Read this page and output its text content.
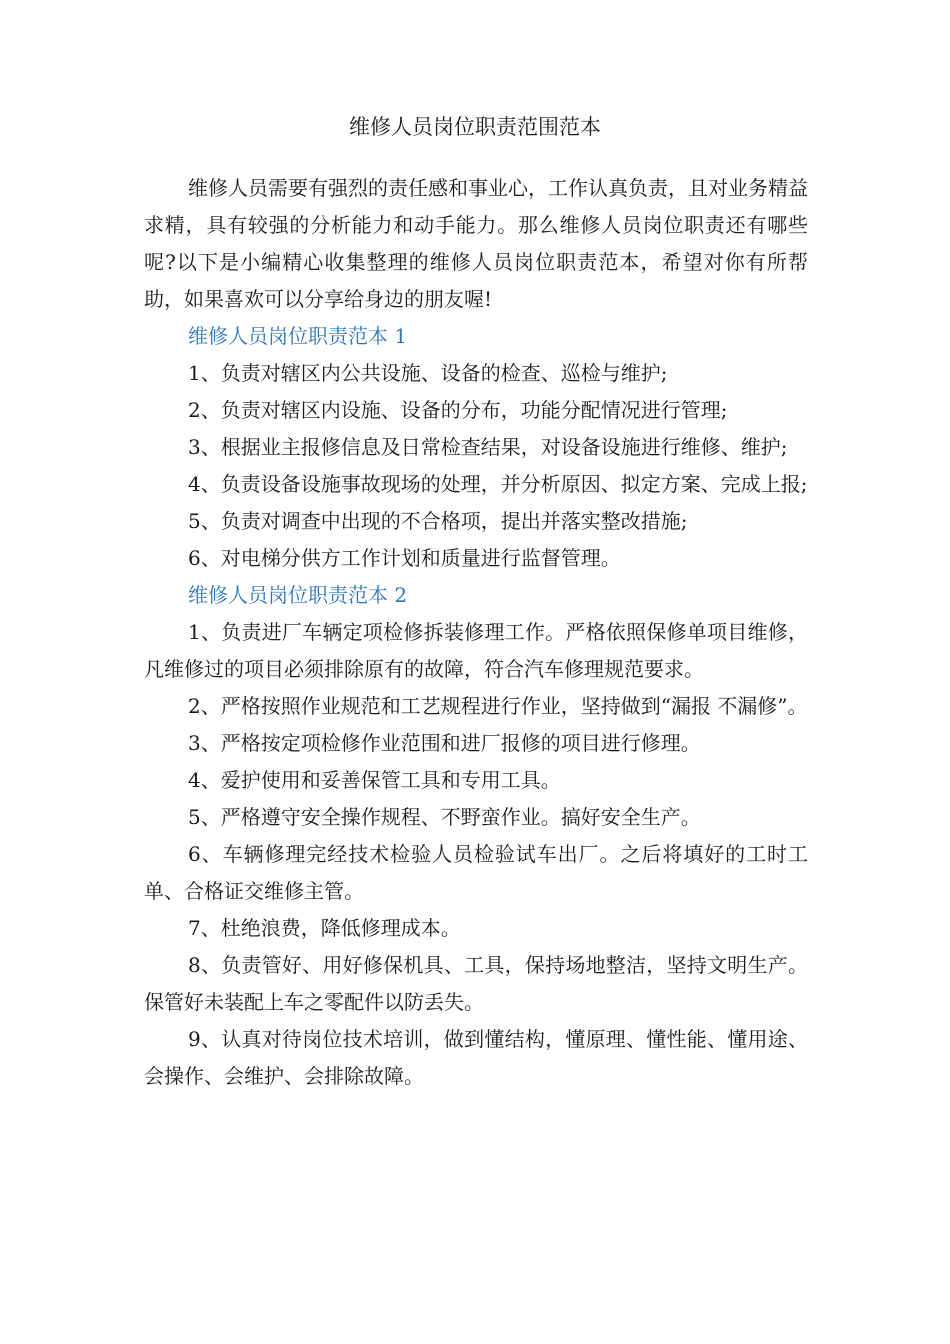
维修人员岗位职责范围范本

维修人员需要有强烈的责任感和事业心，工作认真负责，且对业务精益求精，具有较强的分析能力和动手能力。那么维修人员岗位职责还有哪些呢?以下是小编精心收集整理的维修人员岗位职责范本，希望对你有所帮助，如果喜欢可以分享给身边的朋友喔!

维修人员岗位职责范本 1

1、负责对辖区内公共设施、设备的检查、巡检与维护;

2、负责对辖区内设施、设备的分布，功能分配情况进行管理;

3、根据业主报修信息及日常检查结果，对设备设施进行维修、维护;

4、负责设备设施事故现场的处理，并分析原因、拟定方案、完成上报;

5、负责对调查中出现的不合格项，提出并落实整改措施;

6、对电梯分供方工作计划和质量进行监督管理。

维修人员岗位职责范本 2

1、负责进厂车辆定项检修拆装修理工作。严格依照保修单项目维修，凡维修过的项目必须排除原有的故障，符合汽车修理规范要求。

2、严格按照作业规范和工艺规程进行作业，坚持做到“漏报 不漏修”。

3、严格按定项检修作业范围和进厂报修的项目进行修理。

4、爱护使用和妥善保管工具和专用工具。

5、严格遵守安全操作规程、不野蛮作业。搞好安全生产。

6、车辆修理完经技术检验人员检验试车出厂。之后将填好的工时工单、合格证交维修主管。

7、杜绝浪费，降低修理成本。

8、负责管好、用好修保机具、工具，保持场地整洁，坚持文明生产。保管好未装配上车之零配件以防丢失。

9、认真对待岗位技术培训，做到懂结构，懂原理、懂性能、懂用途、会操作、会维护、会排除故障。
